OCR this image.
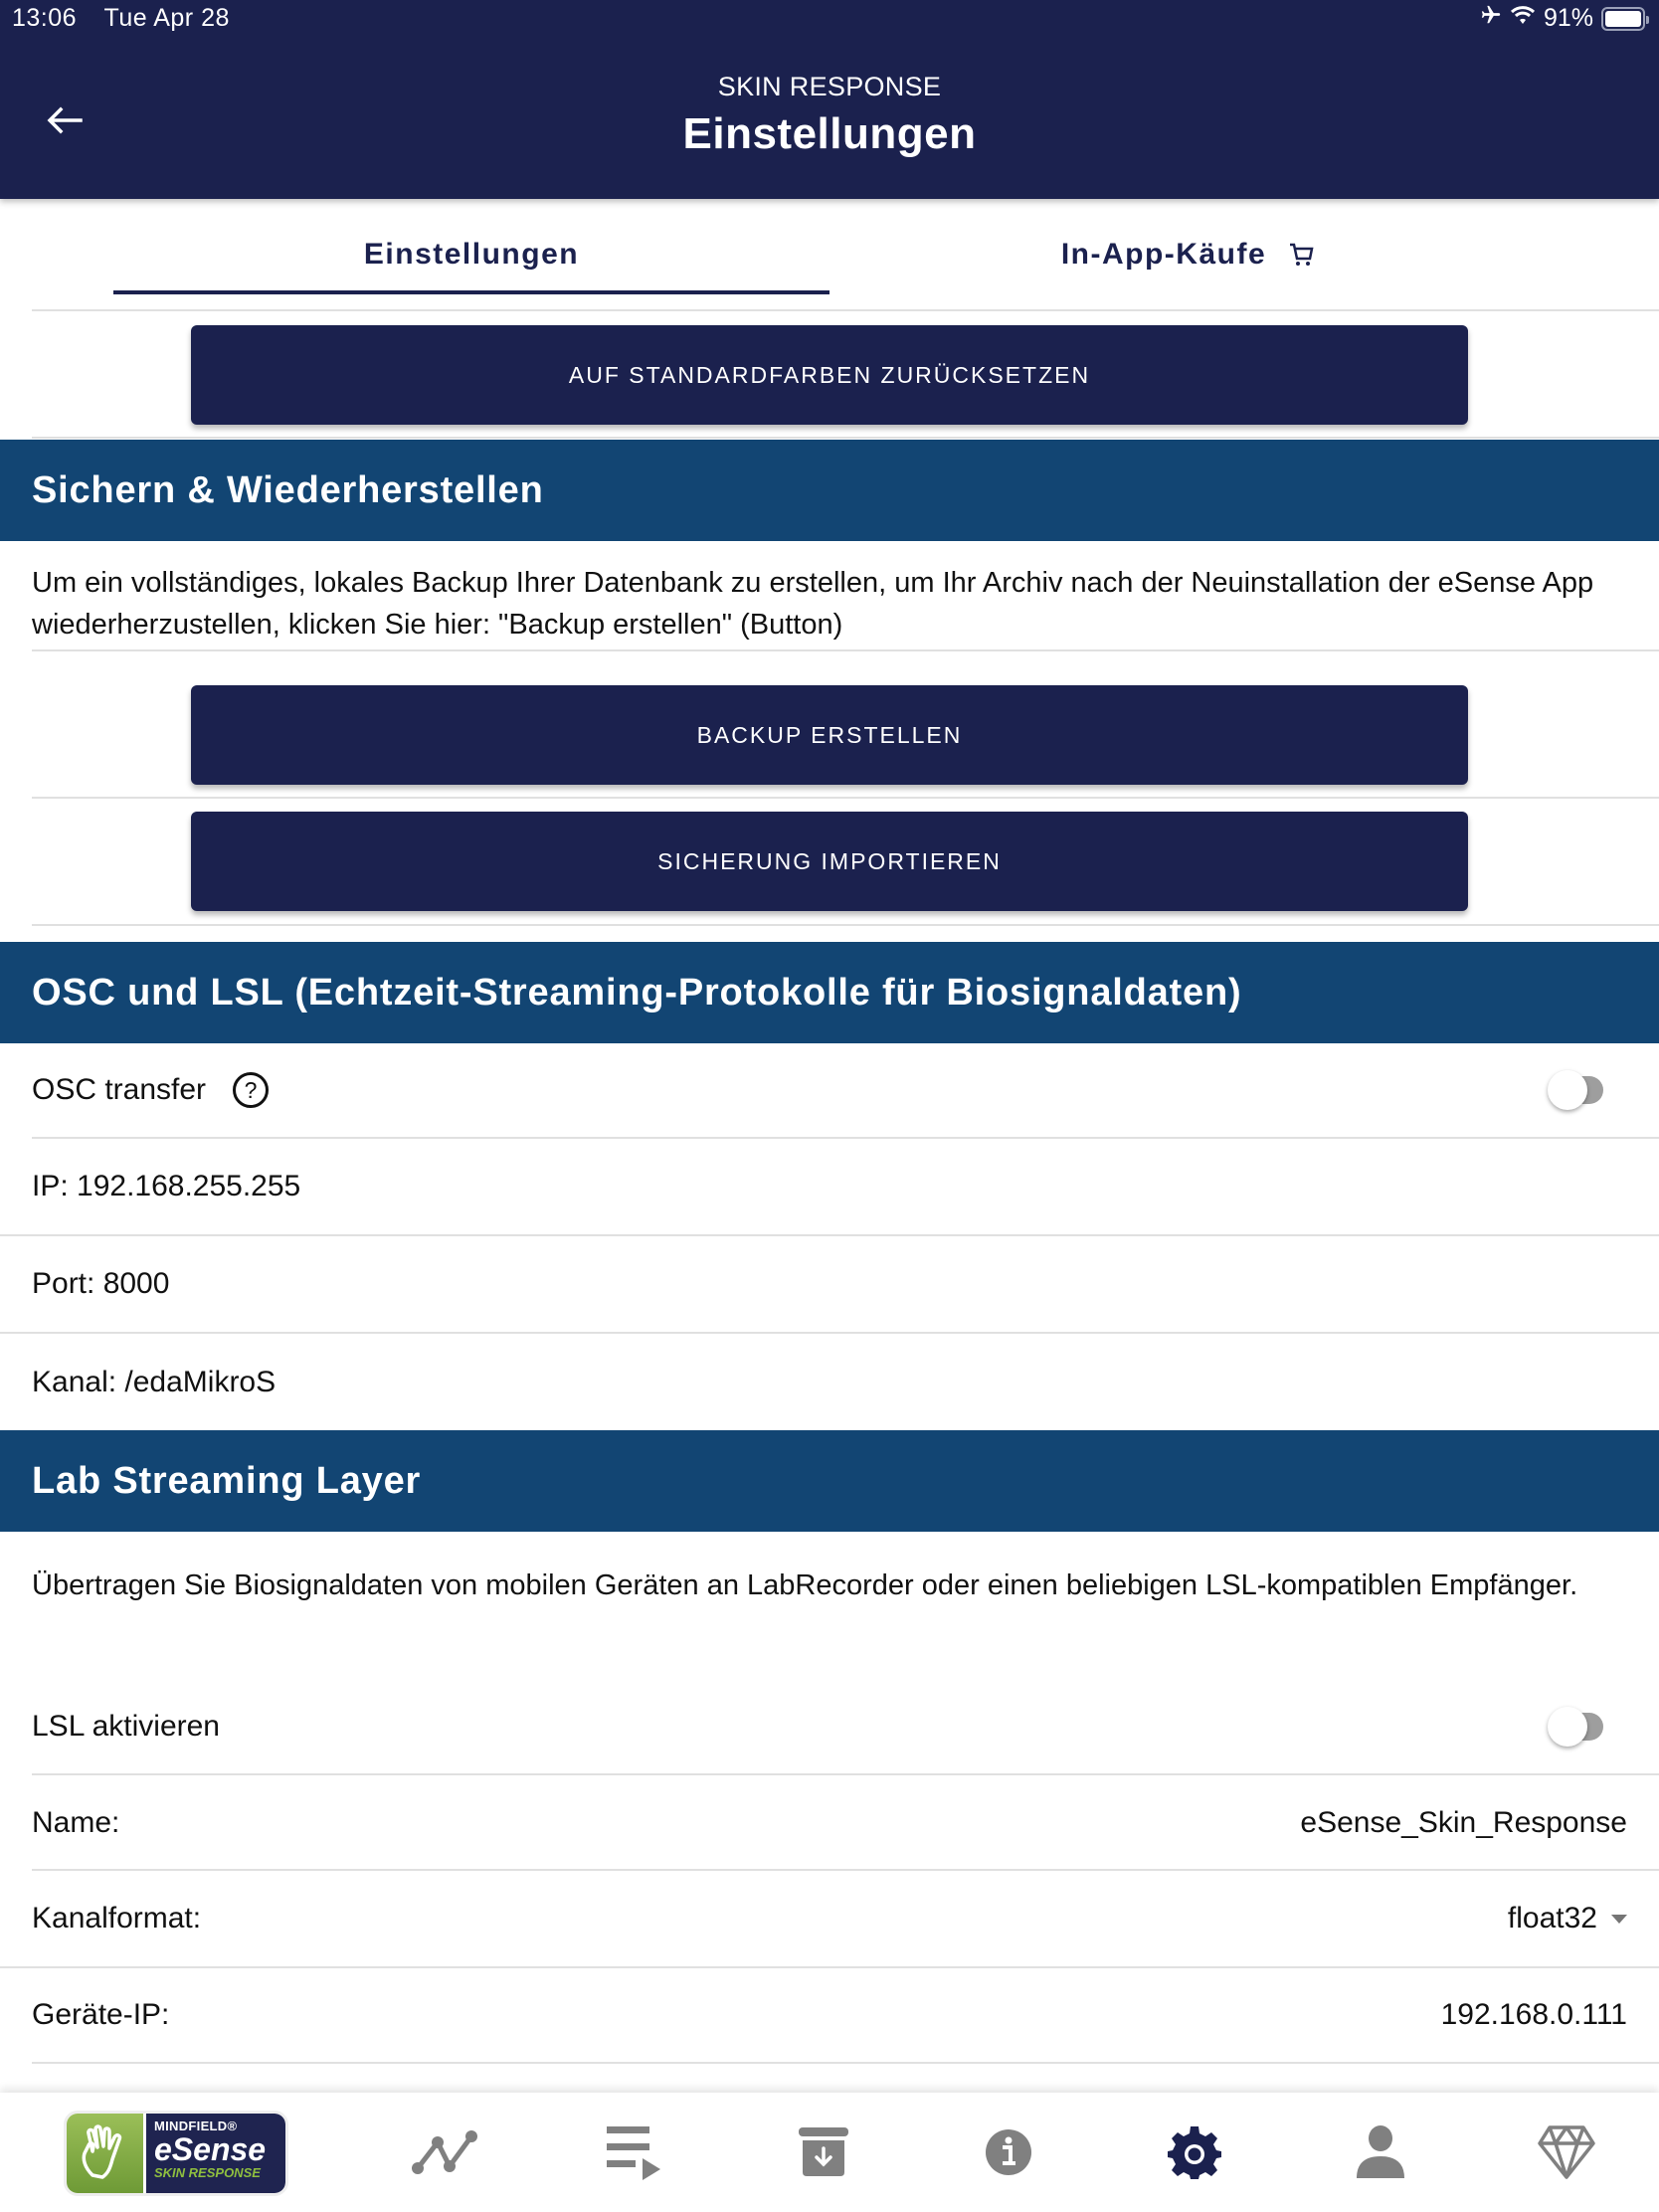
13:06 Tue Apr 28	91%
SKIN RESPONSE
Einstellungen
Einstellungen	In-App-Käufe
AUF STANDARDFARBEN ZURÜCKSETZEN
Sichern & Wiederherstellen
Um ein vollständiges, lokales Backup Ihrer Datenbank zu erstellen, um Ihr Archiv nach der Neuinstallation der eSense App wiederherzustellen, klicken Sie hier: "Backup erstellen" (Button)
BACKUP ERSTELLEN
SICHERUNG IMPORTIEREN
OSC und LSL (Echtzeit-Streaming-Protokolle für Biosignaldaten)
OSC transfer ?
IP: 192.168.255.255
Port: 8000
Kanal: /edaMikroS
Lab Streaming Layer
Übertragen Sie Biosignaldaten von mobilen Geräten an LabRecorder oder einen beliebigen LSL-kompatiblen Empfänger.
LSL aktivieren
Name:	eSense_Skin_Response
Kanalformat:	float32
Geräte-IP:	192.168.0.111
MINDFIELD®
eSense
SKIN RESPONSE
